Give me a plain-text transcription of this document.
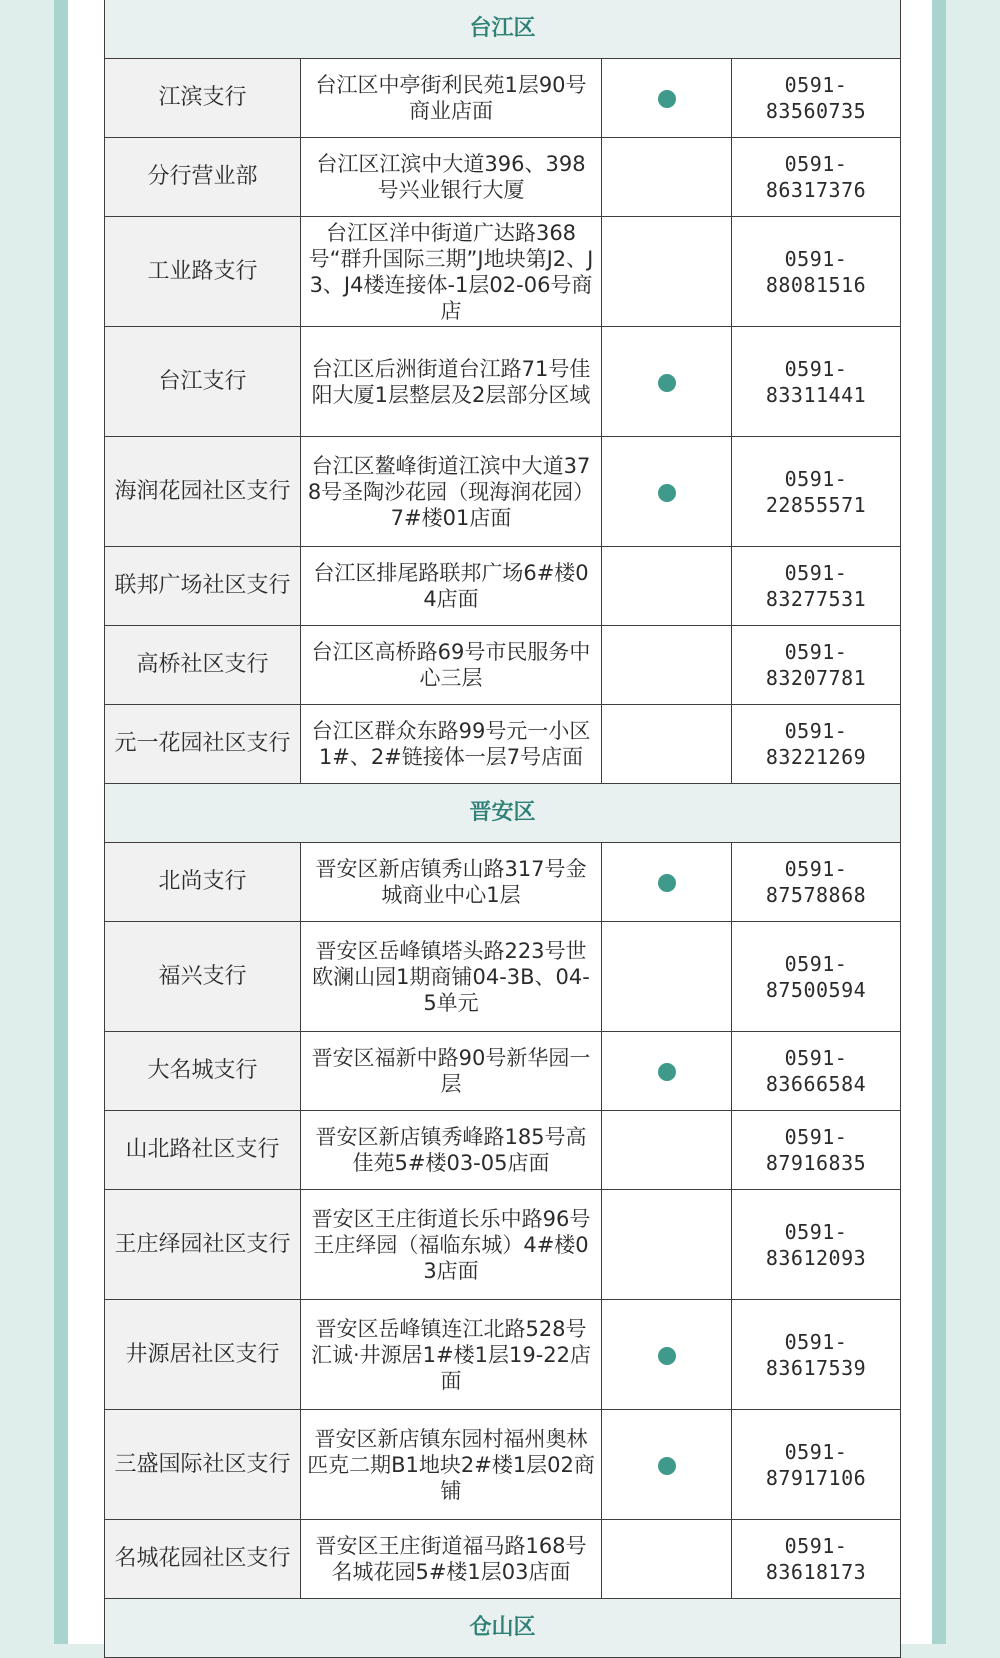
台江区			
江滨支行	台江区中亭街利民苑1层90号商业店面		0591-83560735
分行营业部	台江区江滨中大道396、398号兴业银行大厦		0591-86317376
工业路支行	台江区洋中街道广达路368号“群升国际三期”J地块第J2、J3、J4楼连接体-1层02-06号商店		0591-88081516
台江支行	台江区后洲街道台江路71号佳阳大厦1层整层及2层部分区域		0591-83311441
海润花园社区支行	台江区鳌峰街道江滨中大道378号圣陶沙花园（现海润花园）7#楼01店面		0591-22855571
联邦广场社区支行	台江区排尾路联邦广场6#楼04店面		0591-83277531
高桥社区支行	台江区高桥路69号市民服务中心三层		0591-83207781
元一花园社区支行	台江区群众东路99号元一小区1#、2#链接体一层7号店面		0591-83221269
晋安区			
北尚支行	晋安区新店镇秀山路317号金城商业中心1层		0591-87578868
福兴支行	晋安区岳峰镇塔头路223号世欧澜山园1期商铺04-3B、04-5单元		0591-87500594
大名城支行	晋安区福新中路90号新华园一层		0591-83666584
山北路社区支行	晋安区新店镇秀峰路185号高佳苑5#楼03-05店面		0591-87916835
王庄绎园社区支行	晋安区王庄街道长乐中路96号王庄绎园（福临东城）4#楼03店面		0591-83612093
井源居社区支行	晋安区岳峰镇连江北路528号汇诚·井源居1#楼1层19-22店面		0591-83617539
三盛国际社区支行	晋安区新店镇东园村福州奥林匹克二期B1地块2#楼1层02商铺		0591-87917106
名城花园社区支行	晋安区王庄街道福马路168号名城花园5#楼1层03店面		0591-83618173
仓山区			
